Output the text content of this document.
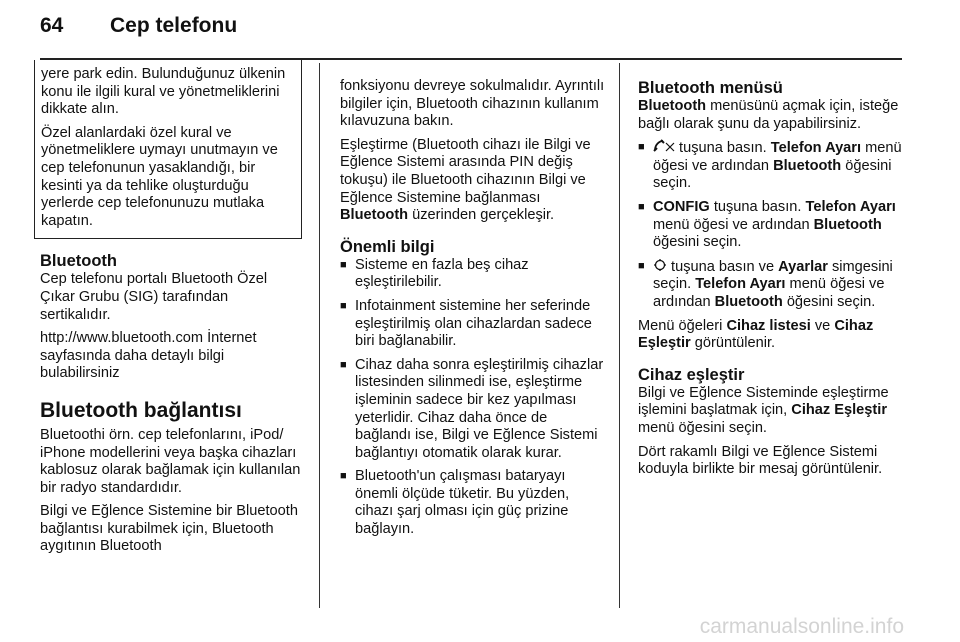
64 Cep telefonu

yere park edin. Bulunduğunuz ülkenin konu ile ilgili kural ve yönetmeliklerini dikkate alın.

Özel alanlardaki özel kural ve yönetmeliklere uymayı unutmayın ve cep telefonunun yasaklandığı, bir kesinti ya da tehlike oluşturduğu yerlerde cep telefonunuzu mutlaka kapatın.

Bluetooth

Cep telefonu portalı Bluetooth Özel Çıkar Grubu (SIG) tarafından sertikalıdır.

http://www.bluetooth.com İnternet sayfasında daha detaylı bilgi bulabilirsiniz

Bluetooth bağlantısı

Bluetoothi örn. cep telefonlarını, iPod/ iPhone modellerini veya başka cihazları kablosuz olarak bağlamak için kullanılan bir radyo standardıdır.

Bilgi ve Eğlence Sistemine bir Bluetooth bağlantısı kurabilmek için, Bluetooth aygıtının Bluetooth

fonksiyonu devreye sokulmalıdır. Ayrıntılı bilgiler için, Bluetooth cihazının kullanım kılavuzuna bakın.

Eşleştirme (Bluetooth cihazı ile Bilgi ve Eğlence Sistemi arasında PIN değiş tokuşu) ile Bluetooth cihazının Bilgi ve Eğlence Sistemine bağlanması Bluetooth üzerinden gerçekleşir.

Önemli bilgi
■ Sisteme en fazla beş cihaz eşleştirilebilir.
■ Infotainment sistemine her seferinde eşleştirilmiş olan cihazlardan sadece biri bağlanabilir.
■ Cihaz daha sonra eşleştirilmiş cihazlar listesinden silinmedi ise, eşleştirme işleminin sadece bir kez yapılması yeterlidir. Cihaz daha önce de bağlandı ise, Bilgi ve Eğlence Sistemi bağlantıyı otomatik olarak kurar.
■ Bluetooth'un çalışması bataryayı önemli ölçüde tüketir. Bu yüzden, cihazı şarj olması için güç prizine bağlayın.
Bluetooth menüsü

Bluetooth menüsünü açmak için, isteğe bağlı olarak şunu da yapabilirsiniz.

■ tuşuna basın. Telefon Ayarı menü öğesi ve ardından Bluetooth öğesini seçin.
■ CONFIG tuşuna basın. Telefon Ayarı menü öğesi ve ardından Bluetooth öğesini seçin.
■ tuşuna basın ve Ayarlar simgesini seçin. Telefon Ayarı menü öğesi ve ardından Bluetooth öğesini seçin.

Menü öğeleri Cihaz listesi ve Cihaz Eşleştir görüntülenir.

Cihaz eşleştir

Bilgi ve Eğlence Sisteminde eşleştirme işlemini başlatmak için, Cihaz Eşleştir menü öğesini seçin.

Dört rakamlı Bilgi ve Eğlence Sistemi koduyla birlikte bir mesaj görüntülenir.

carmanualsonline.info
